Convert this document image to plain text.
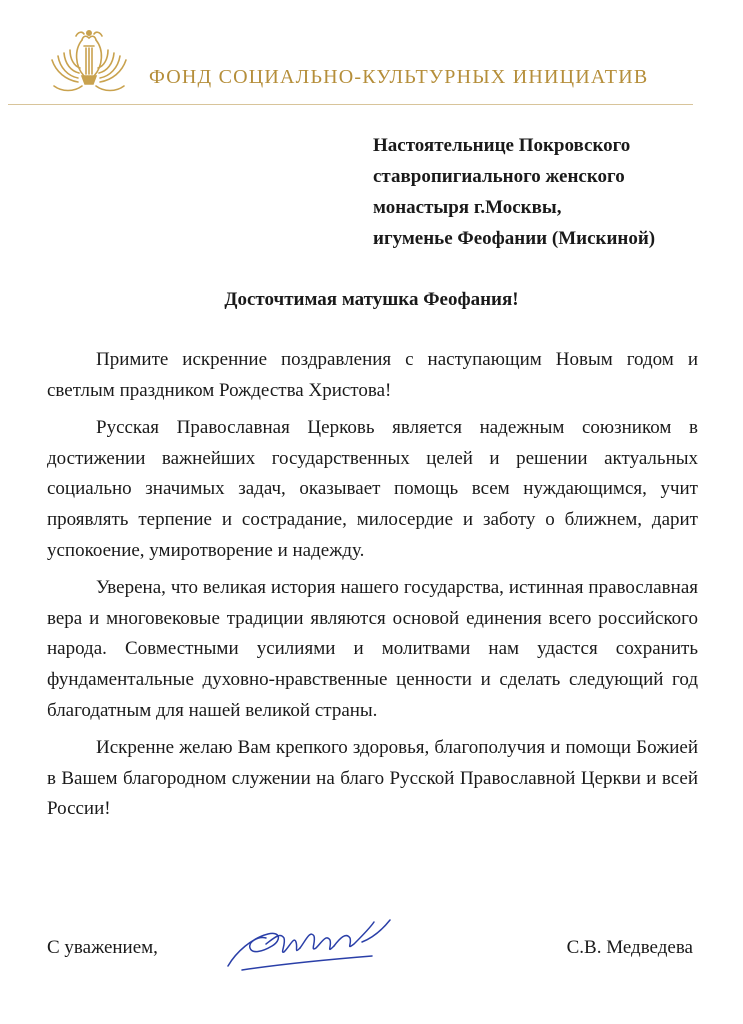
ФОНД СОЦИАЛЬНО-КУЛЬТУРНЫХ ИНИЦИАТИВ
Настоятельнице Покровского
ставропигиального женского
монастыря г.Москвы,
игуменье Феофании (Мискиной)
Досточтимая матушка Феофания!

Примите искренние поздравления с наступающим Новым годом и светлым праздником Рождества Христова!

Русская Православная Церковь является надежным союзником в достижении важнейших государственных целей и решении актуальных социально значимых задач, оказывает помощь всем нуждающимся, учит проявлять терпение и сострадание, милосердие и заботу о ближнем, дарит успокоение, умиротворение и надежду.

Уверена, что великая история нашего государства, истинная православная вера и многовековые традиции являются основой единения всего российского народа. Совместными усилиями и молитвами нам удастся сохранить фундаментальные духовно-нравственные ценности и сделать следующий год благодатным для нашей великой страны.

Искренне желаю Вам крепкого здоровья, благополучия и помощи Божией в Вашем благородном служении на благо Русской Православной Церкви и всей России!

С уважением,	С.В. Медведева
